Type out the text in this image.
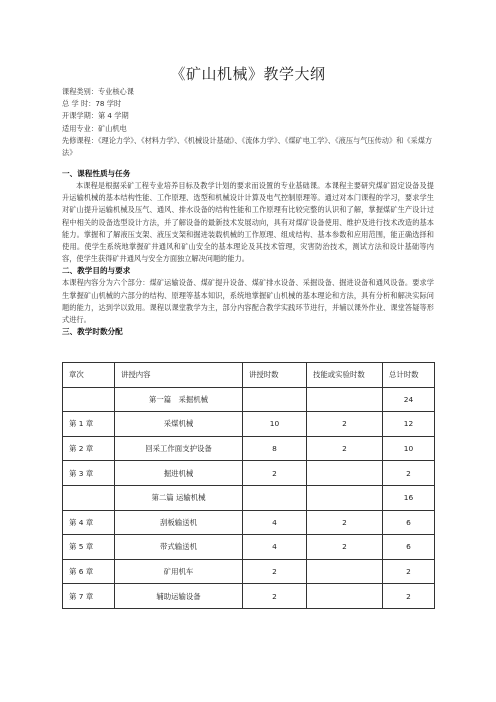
《矿山机械》教学大纲
课程类别：专业核心课
总 学 时：78 学时
开课学期：第 4 学期
适用专业：矿山机电
先修课程：《理论力学》、《材料力学》、《机械设计基础》、《流体力学》、《煤矿电工学》、《液压与气压传动》和《采煤方法》
一、课程性质与任务
本课程是根据采矿工程专业培养目标及教学计划的要求而设置的专业基础课。本课程主要研究煤矿固定设备及提升运输机械的基本结构性能、工作原理、选型和机械设计计算及电气控制原理等。通过对本门课程的学习，要求学生对矿山提升运输机械及压气、通风、排水设备的结构性能和工作原理有比较完整的认识和了解，掌握煤矿生产设计过程中相关的设备选型设计方法，并了解设备的最新技术发展动向，具有对煤矿设备使用、维护及进行技术改造的基本能力。掌握和了解液压支架、液压支架和掘进装载机械的工作原理、组成结构、基本参数和应用范围，能正确选择和使用。使学生系统地掌握矿井通风和矿山安全的基本理论及其技术管理，灾害防治技术，测试方法和设计基础等内容，使学生获得矿井通风与安全方面独立解决问题的能力。
二、教学目的与要求
本课程内容分为六个部分：煤矿运输设备、煤矿提升设备、煤矿排水设备、采掘设备、掘进设备和通风设备。要求学生掌握矿山机械的六部分的结构、原理等基本知识，系统地掌握矿山机械的基本理论和方法，具有分析和解决实际问题的能力，达到学以致用。课程以课堂教学为主，部分内容配合教学实践环节进行，并辅以课外作业、课堂答疑等形式进行。
三、教学时数分配
章次	讲授内容	讲授时数	技能或实验时数	总计时数
	第一篇　采掘机械			24
第 1 章	采煤机械	10	2	12
第 2 章	回采工作面支护设备	8	2	10
第 3 章	掘进机械	2		2
	第二篇 运输机械			16
第 4 章	刮板输送机	4	2	6
第 5 章	带式输送机	4	2	6
第 6 章	矿用机车	2		2
第 7 章	辅助运输设备	2		2
